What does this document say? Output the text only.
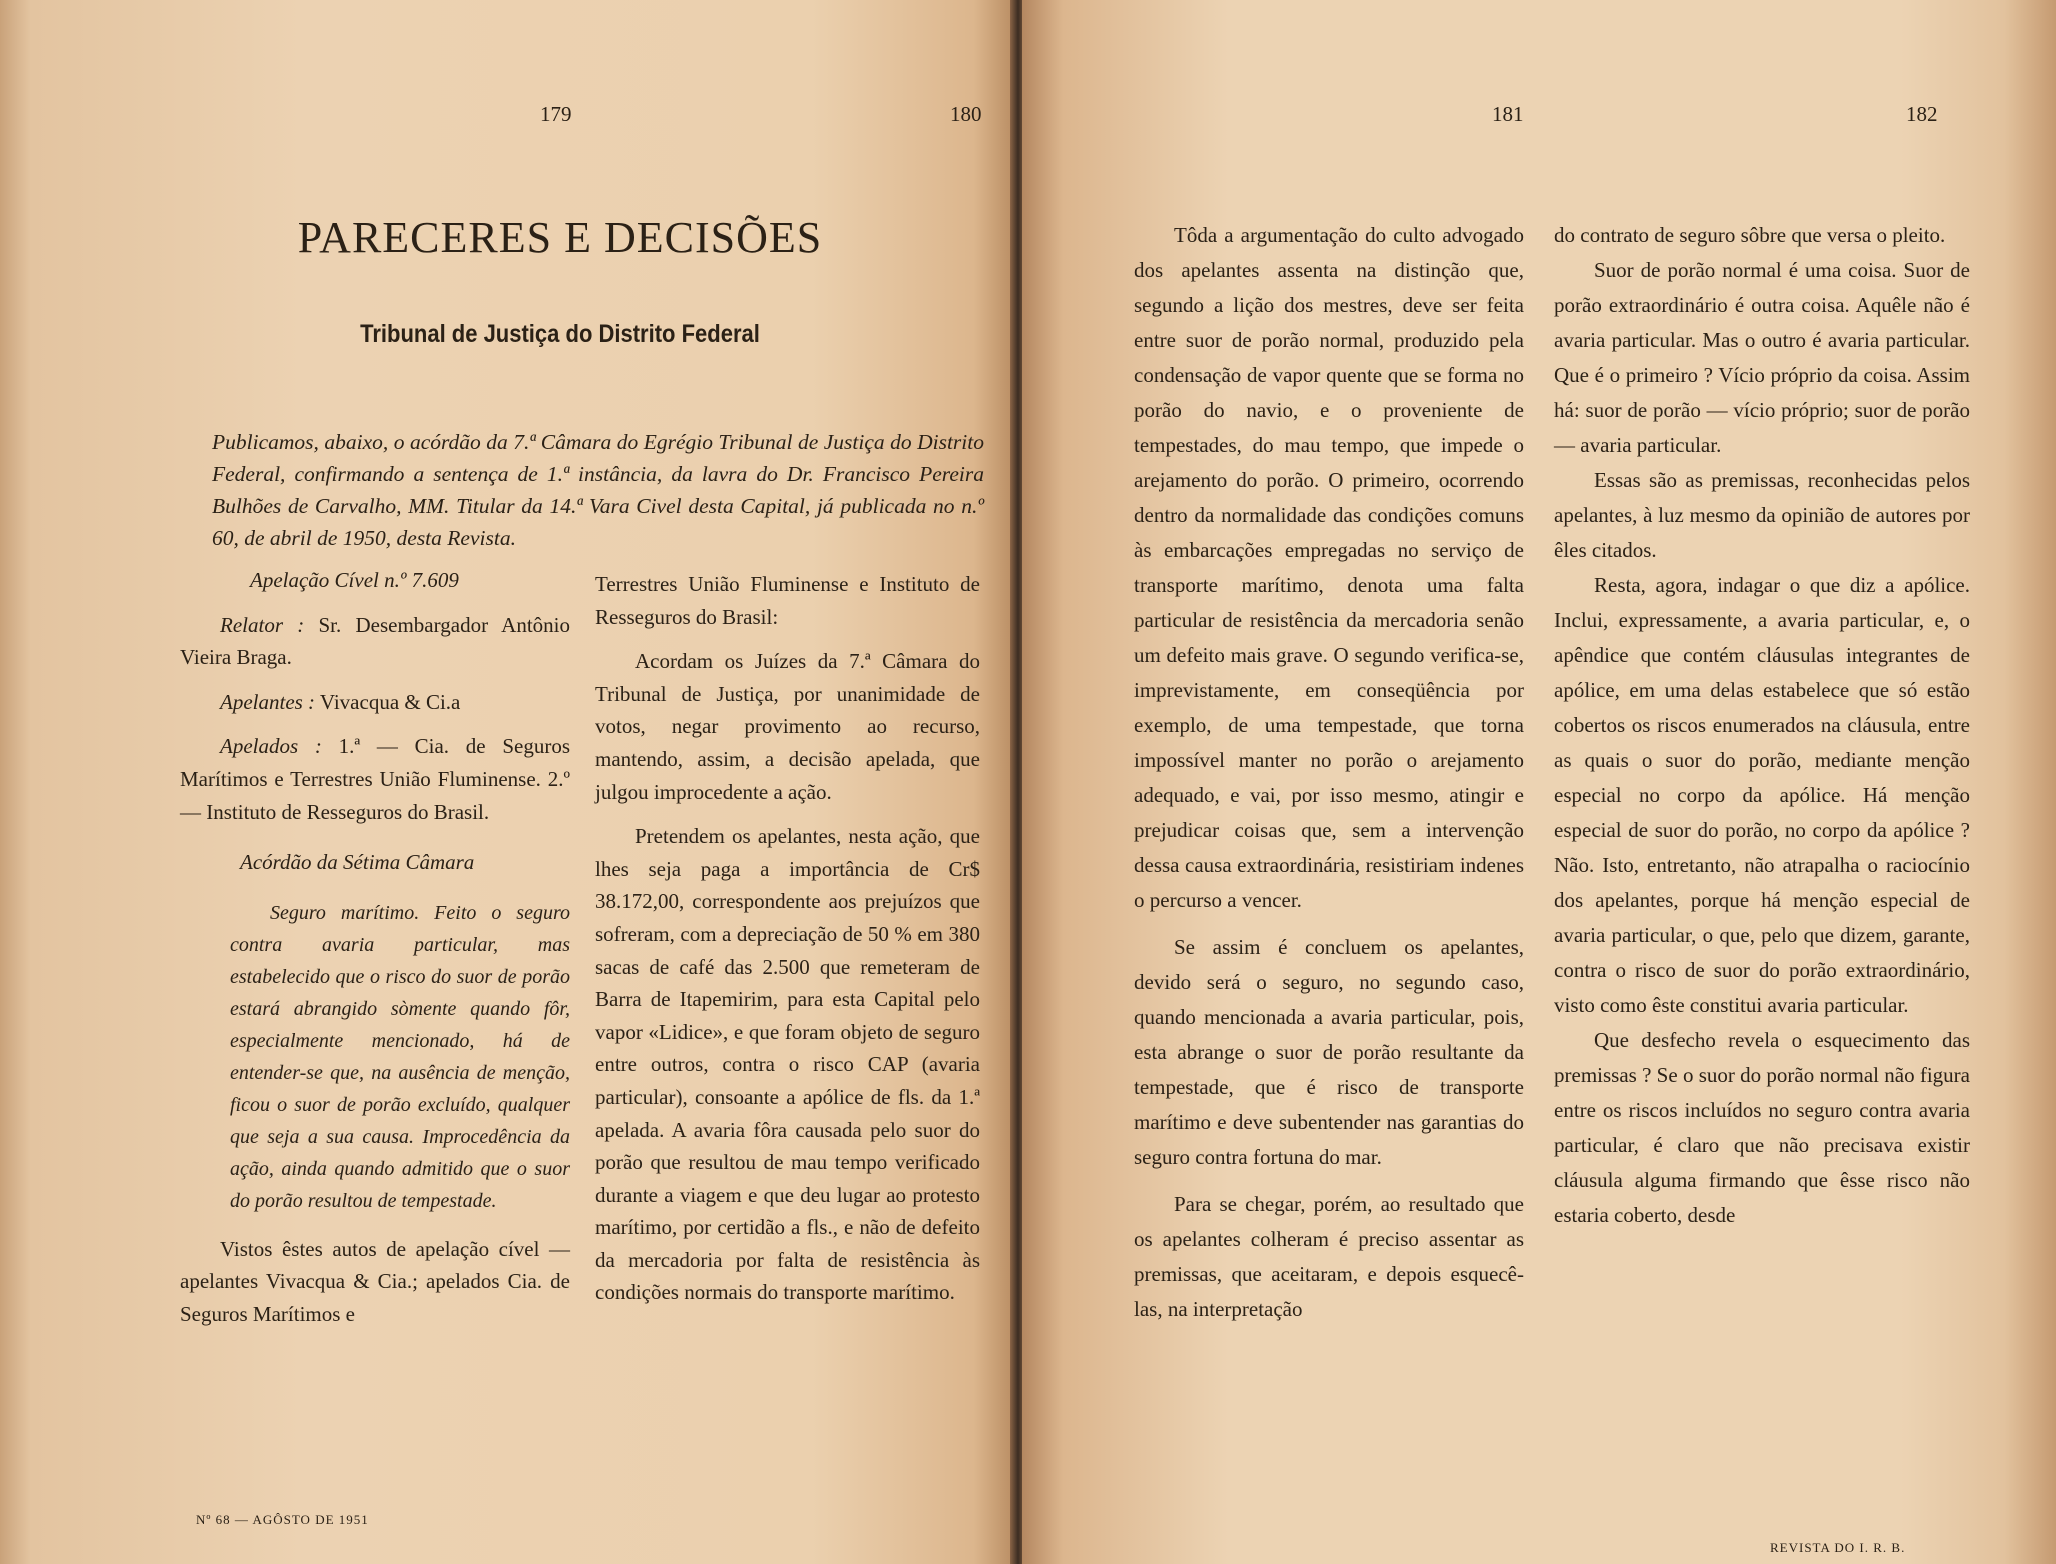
179	180
PARECERES E DECISÕES
Tribunal de Justiça do Distrito Federal

Publicamos, abaixo, o acórdão da 7.ª Câmara do Egrégio Tribunal de Justiça do Distrito Federal, confirmando a sentença de 1.ª instância, da lavra do Dr. Francisco Pereira Bulhões de Carvalho, MM. Titular da 14.ª Vara Civel desta Capital, já publicada no n.º 60, de abril de 1950, desta Revista.

Apelação Cível n.º 7.609

Relator : Sr. Desembargador Antônio Vieira Braga.

Apelantes : Vivacqua & Ci.a

Apelados : 1.ª — Cia. de Seguros Marítimos e Terrestres União Fluminense. 2.º — Instituto de Resseguros do Brasil.

Acórdão da Sétima Câmara

Seguro marítimo. Feito o seguro contra avaria particular, mas estabelecido que o risco do suor de porão estará abrangido sòmente quando fôr, especialmente mencionado, há de entender-se que, na ausência de menção, ficou o suor de porão excluído, qualquer que seja a sua causa. Improcedência da ação, ainda quando admitido que o suor do porão resultou de tempestade.

Vistos êstes autos de apelação cível — apelantes Vivacqua & Cia.; apelados Cia. de Seguros Marítimos e

Terrestres União Fluminense e Instituto de Resseguros do Brasil:

Acordam os Juízes da 7.ª Câmara do Tribunal de Justiça, por unanimidade de votos, negar provimento ao recurso, mantendo, assim, a decisão apelada, que julgou improcedente a ação.

Pretendem os apelantes, nesta ação, que lhes seja paga a importância de Cr$ 38.172,00, correspondente aos prejuízos que sofreram, com a depreciação de 50 % em 380 sacas de café das 2.500 que remeteram de Barra de Itapemirim, para esta Capital pelo vapor «Lidice», e que foram objeto de seguro entre outros, contra o risco CAP (avaria particular), consoante a apólice de fls. da 1.ª apelada. A avaria fôra causada pelo suor do porão que resultou de mau tempo verificado durante a viagem e que deu lugar ao protesto marítimo, por certidão a fls., e não de defeito da mercadoria por falta de resistência às condições normais do transporte marítimo.

Nº 68 — AGÔSTO DE 1951
181	182

Tôda a argumentação do culto advogado dos apelantes assenta na distinção que, segundo a lição dos mestres, deve ser feita entre suor de porão normal, produzido pela condensação de vapor quente que se forma no porão do navio, e o proveniente de tempestades, do mau tempo, que impede o arejamento do porão. O primeiro, ocorrendo dentro da normalidade das condições comuns às embarcações empregadas no serviço de transporte marítimo, denota uma falta particular de resistência da mercadoria senão um defeito mais grave. O segundo verifica-se, imprevistamente, em conseqüência por exemplo, de uma tempestade, que torna impossível manter no porão o arejamento adequado, e vai, por isso mesmo, atingir e prejudicar coisas que, sem a intervenção dessa causa extraordinária, resistiriam indenes o percurso a vencer.

Se assim é concluem os apelantes, devido será o seguro, no segundo caso, quando mencionada a avaria particular, pois, esta abrange o suor de porão resultante da tempestade, que é risco de transporte marítimo e deve subentender nas garantias do seguro contra fortuna do mar.

Para se chegar, porém, ao resultado que os apelantes colheram é preciso assentar as premissas, que aceitaram, e depois esquecê-las, na interpretação

do contrato de seguro sôbre que versa o pleito.

Suor de porão normal é uma coisa. Suor de porão extraordinário é outra coisa. Aquêle não é avaria particular. Mas o outro é avaria particular. Que é o primeiro ? Vício próprio da coisa. Assim há: suor de porão — vício próprio; suor de porão — avaria particular.

Essas são as premissas, reconhecidas pelos apelantes, à luz mesmo da opinião de autores por êles citados.

Resta, agora, indagar o que diz a apólice. Inclui, expressamente, a avaria particular, e, o apêndice que contém cláusulas integrantes de apólice, em uma delas estabelece que só estão cobertos os riscos enumerados na cláusula, entre as quais o suor do porão, mediante menção especial no corpo da apólice. Há menção especial de suor do porão, no corpo da apólice ? Não. Isto, entretanto, não atrapalha o raciocínio dos apelantes, porque há menção especial de avaria particular, o que, pelo que dizem, garante, contra o risco de suor do porão extraordinário, visto como êste constitui avaria particular.

Que desfecho revela o esquecimento das premissas ? Se o suor do porão normal não figura entre os riscos incluídos no seguro contra avaria particular, é claro que não precisava existir cláusula alguma firmando que êsse risco não estaria coberto, desde

REVISTA DO I. R. B.
